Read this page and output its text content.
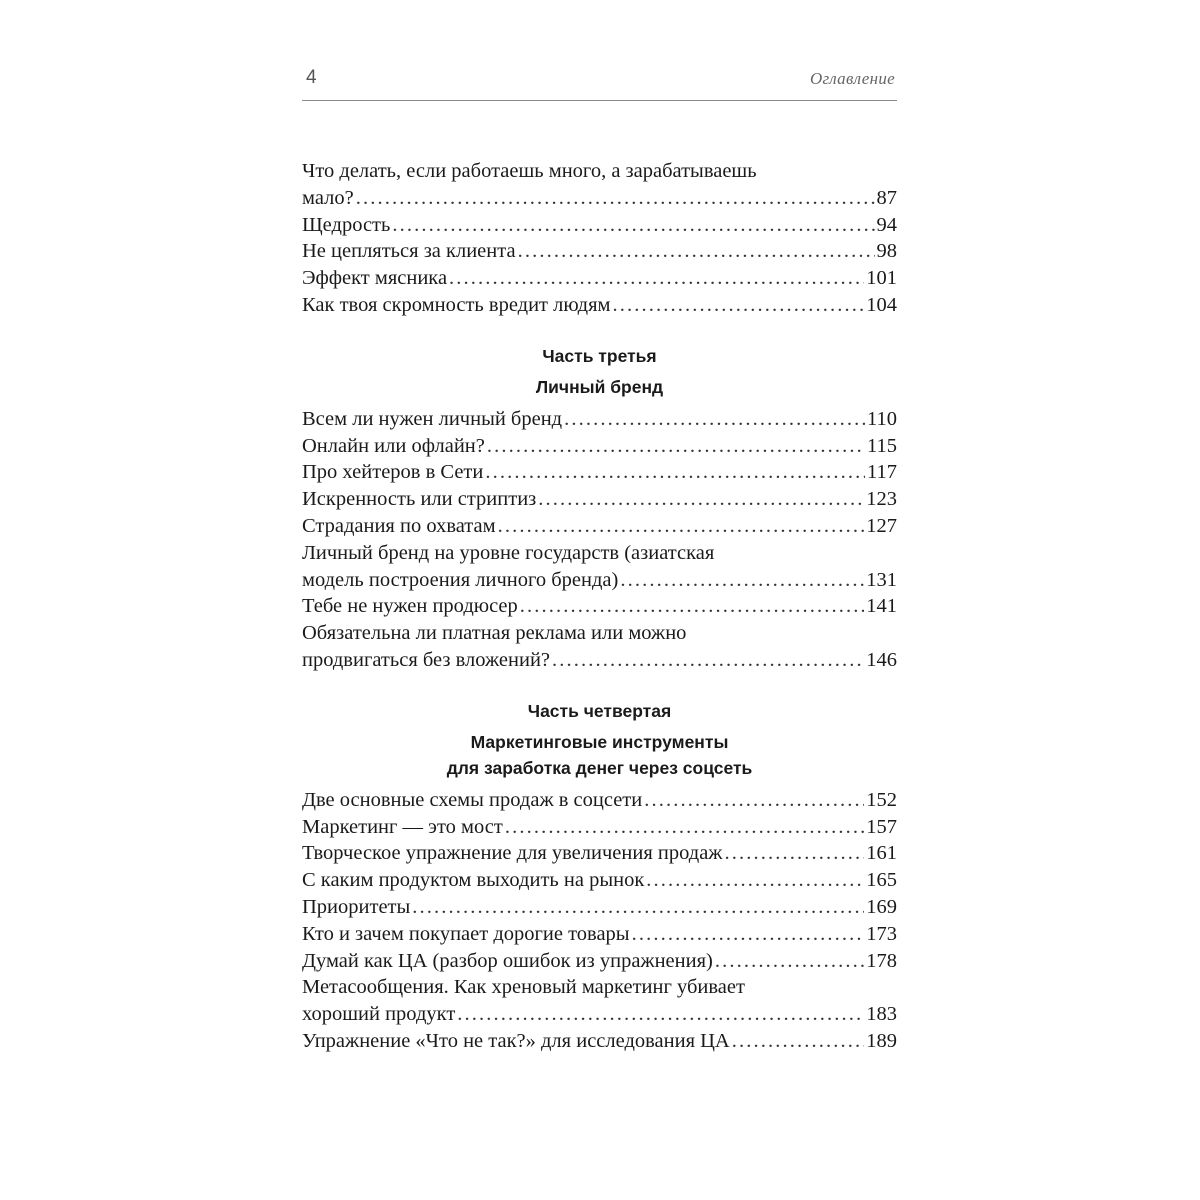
4	Оглавление
Что делать, если работаешь много, а зарабатываешь
мало? . . .	87
Щедрость . . .	94
Не цепляться за клиента . . .	98
Эффект мясника . . .	101
Как твоя скромность вредит людям . . .	104
Часть третья
Личный бренд
Всем ли нужен личный бренд . . .	110
Онлайн или офлайн? . . .	115
Про хейтеров в Сети . . .	117
Искренность или стриптиз . . .	123
Страдания по охватам . . .	127
Личный бренд на уровне государств (азиатская
модель построения личного бренда) . . .	131
Тебе не нужен продюсер . . .	141
Обязательна ли платная реклама или можно
продвигаться без вложений? . . .	146
Часть четвертая
Маркетинговые инструменты
для заработка денег через соцсеть
Две основные схемы продаж в соцсети . . .	152
Маркетинг — это мост . . .	157
Творческое упражнение для увеличения продаж . . .	161
С каким продуктом выходить на рынок . . .	165
Приоритеты . . .	169
Кто и зачем покупает дорогие товары . . .	173
Думай как ЦА (разбор ошибок из упражнения) . . .	178
Метасообщения. Как хреновый маркетинг убивает
хороший продукт . . .	183
Упражнение «Что не так?» для исследования ЦА . . .	189
